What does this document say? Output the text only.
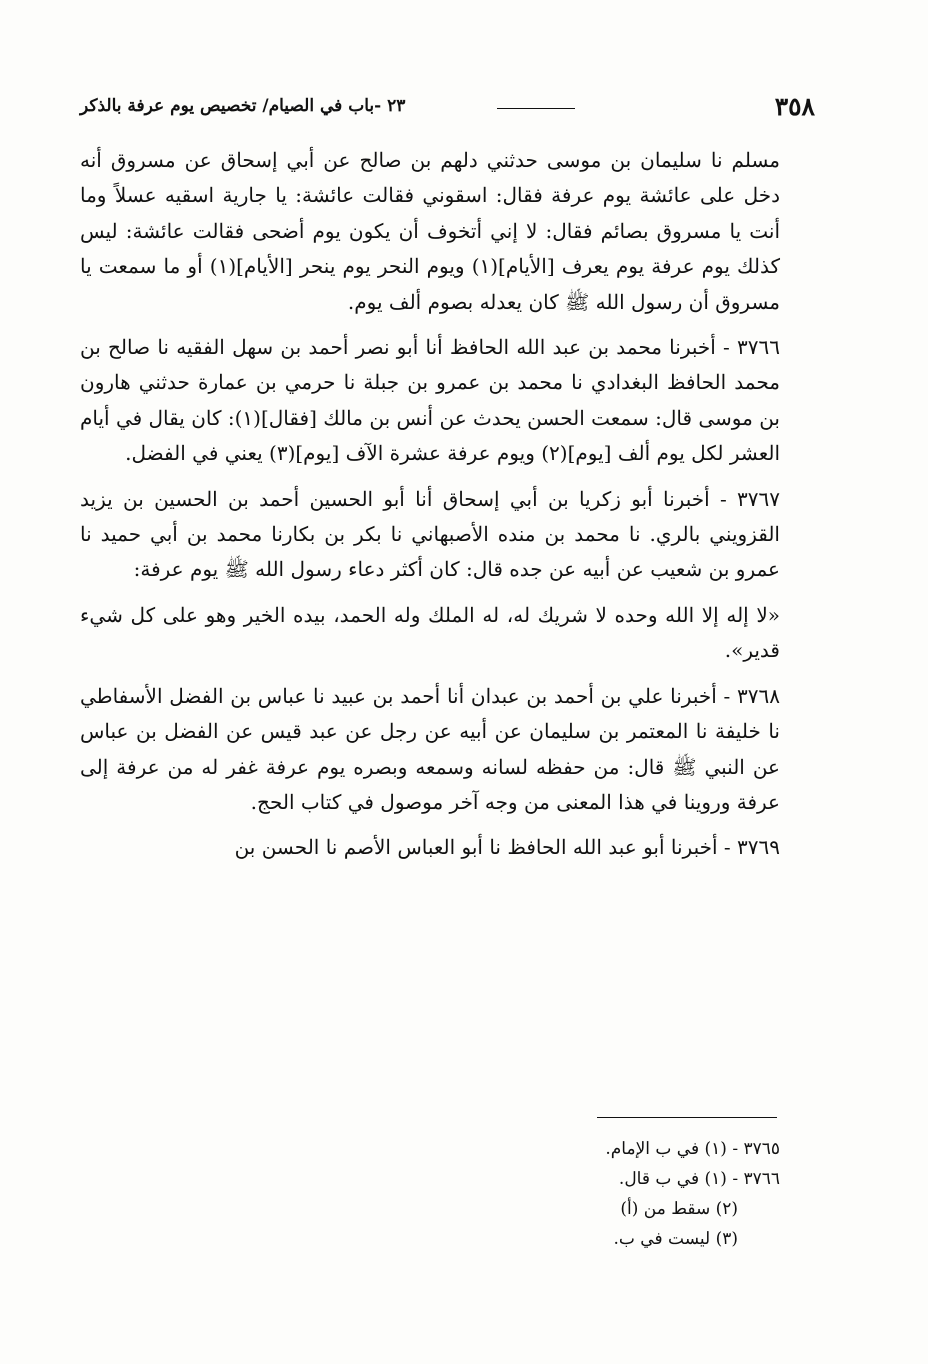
٣٥٨
٢٣ -باب في الصيام/ تخصيص يوم عرفة بالذكر

مسلم نا سليمان بن موسى حدثني دلهم بن صالح عن أبي إسحاق عن مسروق أنه دخل على عائشة يوم عرفة فقال: اسقوني فقالت عائشة: يا جارية اسقيه عسلاً وما أنت يا مسروق بصائم فقال: لا إني أتخوف أن يكون يوم أضحى فقالت عائشة: ليس كذلك يوم عرفة يوم يعرف [الأيام](١) ويوم النحر يوم ينحر [الأيام](١) أو ما سمعت يا مسروق أن رسول الله ﷺ كان يعدله بصوم ألف يوم.

٣٧٦٦ - أخبرنا محمد بن عبد الله الحافظ أنا أبو نصر أحمد بن سهل الفقيه نا صالح بن محمد الحافظ البغدادي نا محمد بن عمرو بن جبلة نا حرمي بن عمارة حدثني هارون بن موسى قال: سمعت الحسن يحدث عن أنس بن مالك [فقال](١): كان يقال في أيام العشر لكل يوم ألف [يوم](٢) ويوم عرفة عشرة الآف [يوم](٣) يعني في الفضل.

٣٧٦٧ - أخبرنا أبو زكريا بن أبي إسحاق أنا أبو الحسين أحمد بن الحسين بن يزيد القزويني بالري. نا محمد بن منده الأصبهاني نا بكر بن بكارنا محمد بن أبي حميد نا عمرو بن شعيب عن أبيه عن جده قال: كان أكثر دعاء رسول الله ﷺ يوم عرفة:

«لا إله إلا الله وحده لا شريك له، له الملك وله الحمد، بيده الخير وهو على كل شيء قدير».

٣٧٦٨ - أخبرنا علي بن أحمد بن عبدان أنا أحمد بن عبيد نا عباس بن الفضل الأسفاطي نا خليفة نا المعتمر بن سليمان عن أبيه عن رجل عن عبد قيس عن الفضل بن عباس عن النبي ﷺ قال: من حفظه لسانه وسمعه وبصره يوم عرفة غفر له من عرفة إلى عرفة وروينا في هذا المعنى من وجه آخر موصول في كتاب الحج.

٣٧٦٩ - أخبرنا أبو عبد الله الحافظ نا أبو العباس الأصم نا الحسن بن

٣٧٦٥ - (١) في ب الإمام.
٣٧٦٦ - (١) في ب قال.
(٢) سقط من (أ)
(٣) ليست في ب.
